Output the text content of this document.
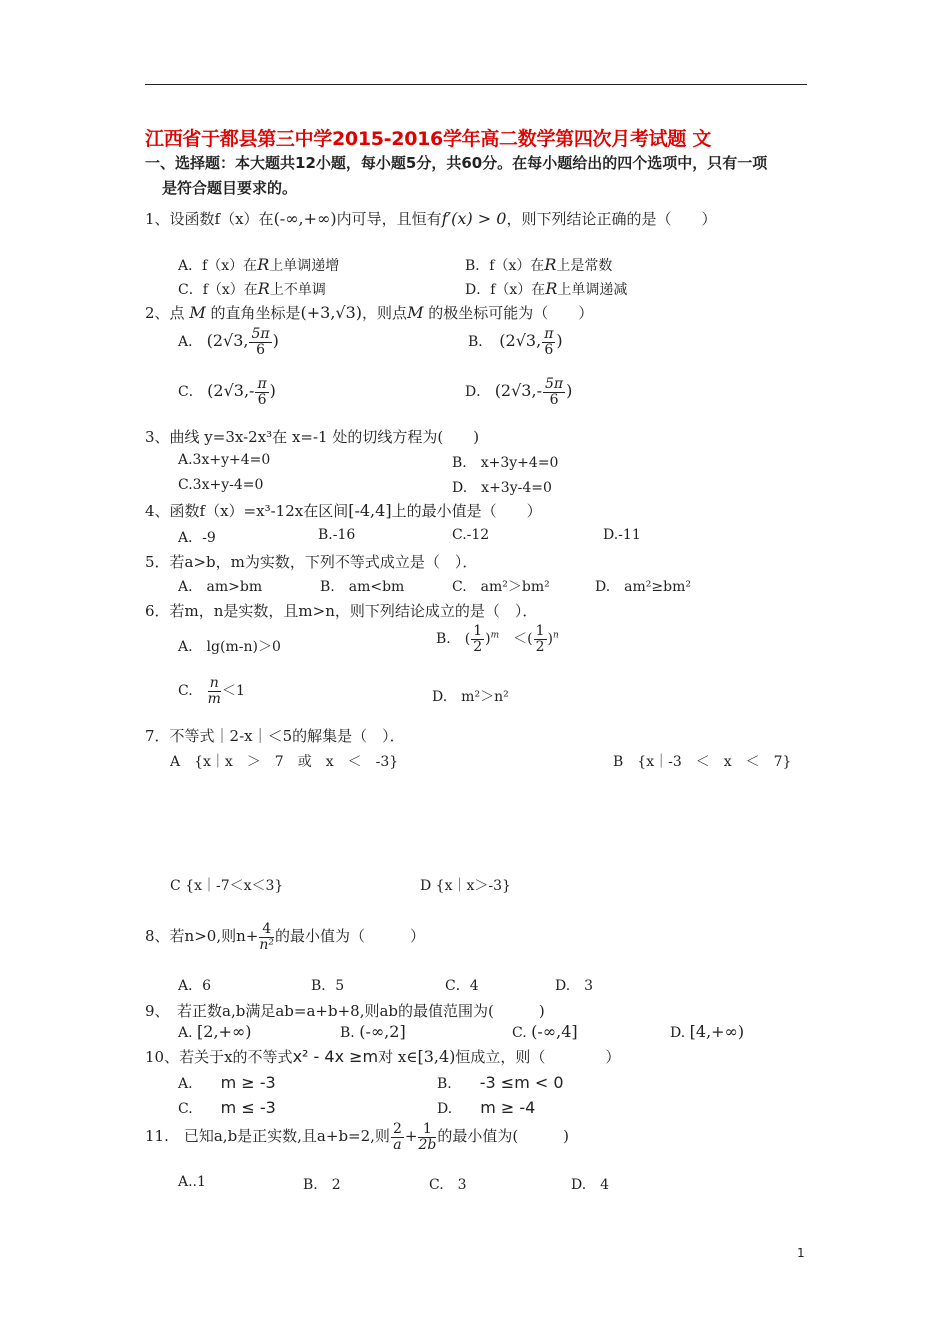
江西省于都县第三中学2015-2016学年高二数学第四次月考试题 文
一、选择题：本大题共12小题，每小题5分，共60分。在每小题给出的四个选项中，只有一项
是符合题目要求的。
1、设函数f（x）在(-∞,+∞)内可导，且恒有f′(x) > 0，则下列结论正确的是（　　）
A．f（x）在R上单调递增	B．f（x）在R上是常数
C．f（x）在R上不单调	D．f（x）在R上单调递减
2、点 M 的直角坐标是(+3,√3)，则点M 的极坐标可能为（　　）
A． (2√3, $\frac{5\pi}{6}$ )	B．　 (2√3, $\frac{\pi}{6}$ )
C． ($2√3,- \frac{\pi}{6}$ )	D． ($2√3,- \frac{5\pi}{6}$ )
3、曲线 y=3x-2x³在 x=-1 处的切线方程为(　　)
A.3x+y+4=0	B.　x+3y+4=0
C.3x+y-4=0	D.　x+3y-4=0
4、函数f（x）=x³-12x在区间[-4,4]上的最小值是（　　）
A．-9	B.-16	C.-12	D.-11
5．若a>b，m为实数，下列不等式成立是（　）．
A.　am>bm	B.　am<bm	C.　am²＞bm²	D.　am²≥bm²
6．若m，n是实数，且m>n，则下列结论成立的是（　）．
A.　lg(m-n)＞0	B.　( $\frac{1}{2} )^m$　 ＜( $\frac{1}{2} )^n$
C.　 $\frac{n}{m} <1$	D.　m²＞n²
7．不等式｜2-x｜＜5的解集是（　）．
A　{x｜x　＞　7　或　x　＜　-3}	B　{x｜-3　＜　x　＜　7}
C {x｜-7＜x＜3}	D {x｜x＞-3}
8、若n>0,则$n+ \frac{4}{\text{n²}}$ 的最小值为（　　　）
A．6	B．5	C．4	D.　3
9、　若正数a,b满足ab=a+b+8,则ab的最值范围为(　　　)
A. [2,+∞)	B. (-∞,2]	C. (-∞,4]	D. [4,+∞)
10、若关于x的不等式x² - 4x ≥m对 x∈[3,4)恒成立，则（　　　　）
A.　　 m ≥ -3	B.　　 -3 ≤m < 0
C.　　 m ≤ -3	D.　　 m ≥ -4
11.　已知a,b是正实数,且a+b=2,则 $\frac{2}{a} + \frac{1}{2b}$ 的最小值为(　　　)
A..1	B.　2	C.　3	D.　4
1
